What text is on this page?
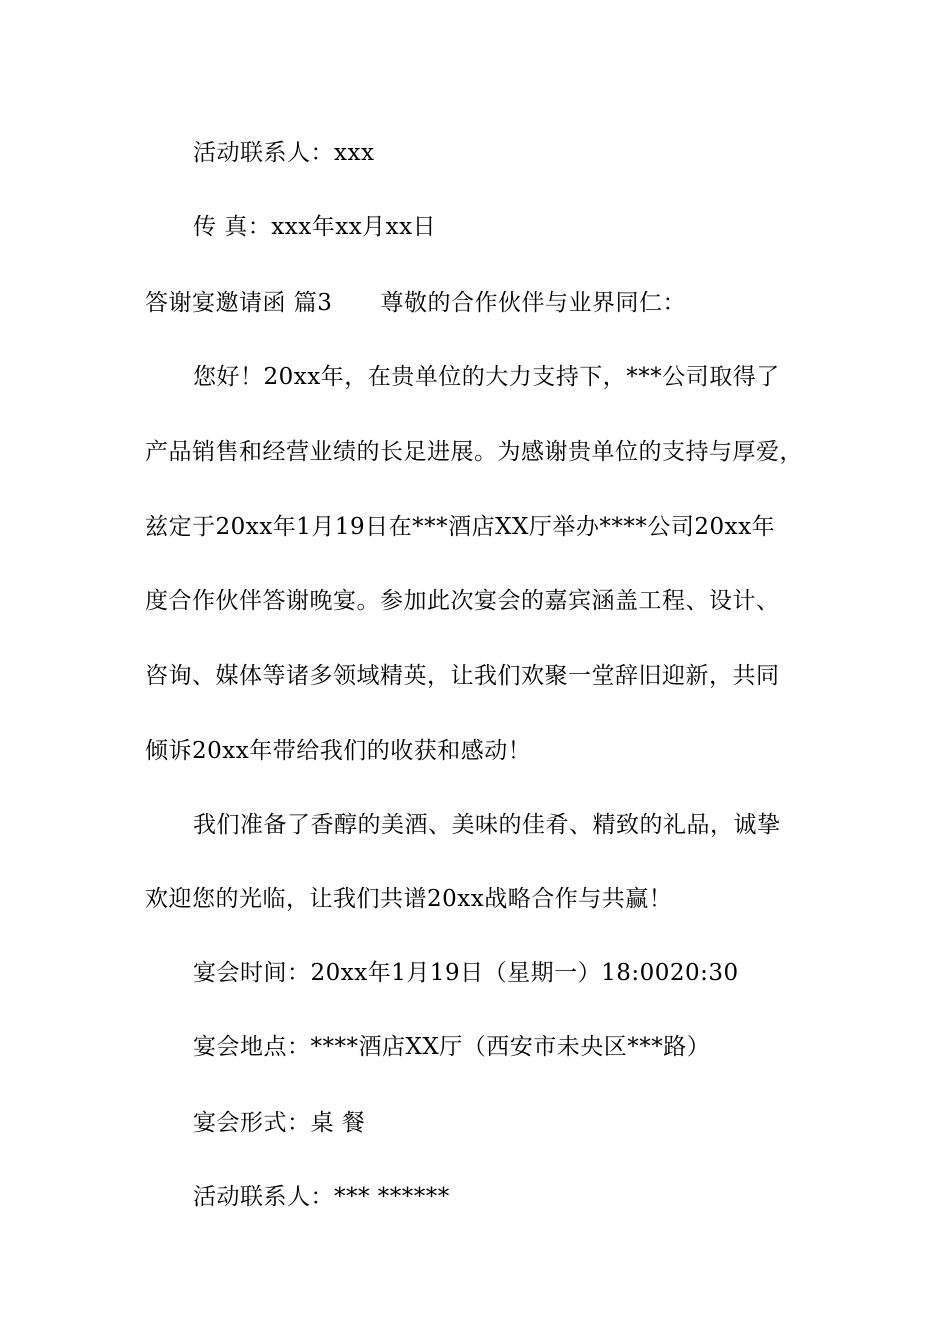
活动联系人：xxx
传 真：xxx年xx月xx日
答谢宴邀请函 篇3 尊敬的合作伙伴与业界同仁：
您好！20xx年，在贵单位的大力支持下，***公司取得了
产品销售和经营业绩的长足进展。为感谢贵单位的支持与厚爱，
兹定于20xx年1月19日在***酒店XX厅举办****公司20xx年
度合作伙伴答谢晚宴。参加此次宴会的嘉宾涵盖工程、设计、
咨询、媒体等诸多领域精英，让我们欢聚一堂辞旧迎新，共同
倾诉20xx年带给我们的收获和感动！
我们准备了香醇的美酒、美味的佳肴、精致的礼品，诚挚
欢迎您的光临，让我们共谱20xx战略合作与共赢！
宴会时间：20xx年1月19日（星期一）18:0020:30
宴会地点：****酒店XX厅（西安市未央区***路）
宴会形式：桌 餐
活动联系人：*** ******
